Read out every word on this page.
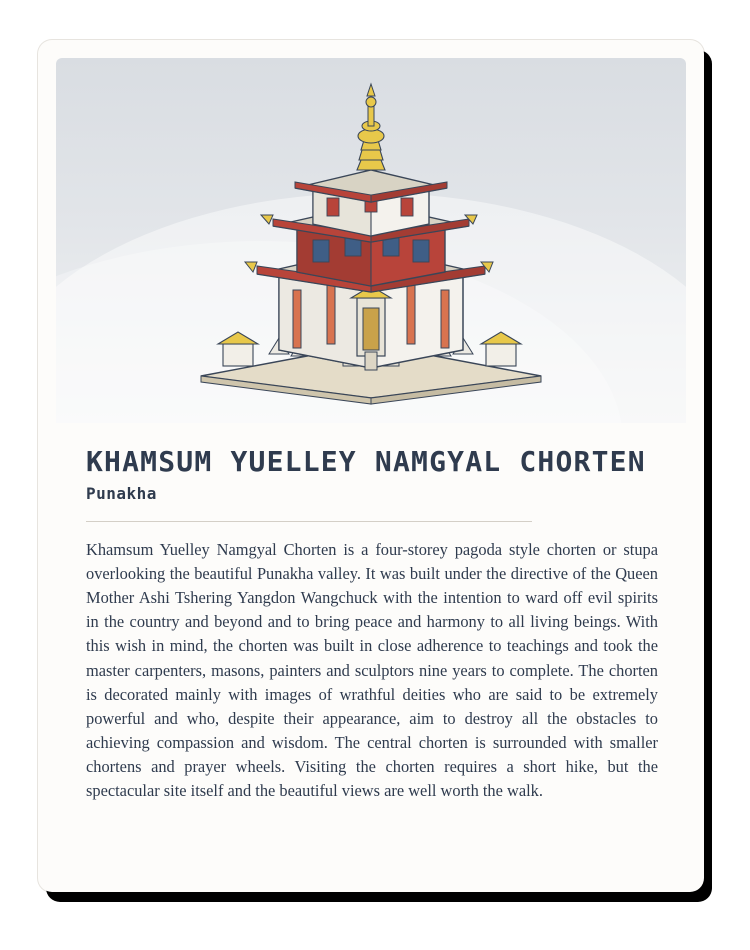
KHAMSUM YUELLEY NAMGYAL CHORTEN
Punakha

Khamsum Yuelley Namgyal Chorten is a four-storey pagoda style chorten or stupa overlooking the beautiful Punakha valley. It was built under the directive of the Queen Mother Ashi Tshering Yangdon Wangchuck with the intention to ward off evil spirits in the country and beyond and to bring peace and harmony to all living beings. With this wish in mind, the chorten was built in close adherence to teachings and took the master carpenters, masons, painters and sculptors nine years to complete. The chorten is decorated mainly with images of wrathful deities who are said to be extremely powerful and who, despite their appearance, aim to destroy all the obstacles to achieving compassion and wisdom. The central chorten is surrounded with smaller chortens and prayer wheels. Visiting the chorten requires a short hike, but the spectacular site itself and the beautiful views are well worth the walk.
